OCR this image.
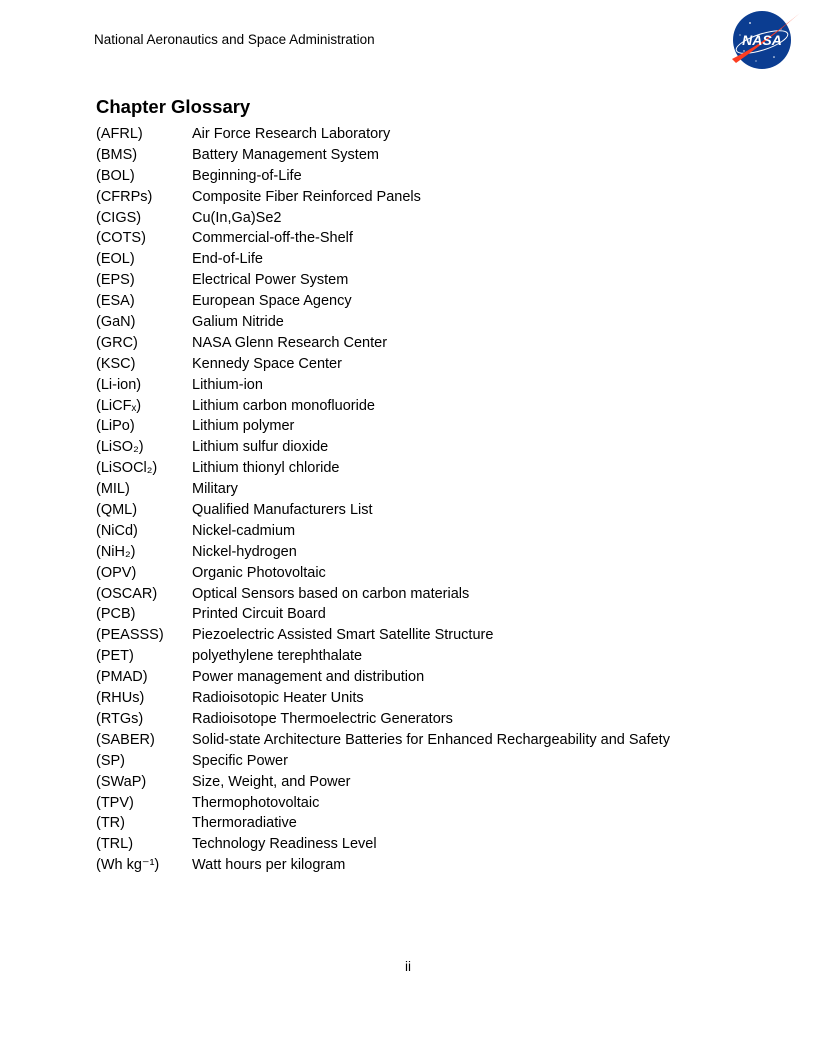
National Aeronautics and Space Administration	NASA
Chapter Glossary
(AFRL)	Air Force Research Laboratory
(BMS)	Battery Management System
(BOL)	Beginning-of-Life
(CFRPs)	Composite Fiber Reinforced Panels
(CIGS)	Cu(In,Ga)Se2
(COTS)	Commercial-off-the-Shelf
(EOL)	End-of-Life
(EPS)	Electrical Power System
(ESA)	European Space Agency
(GaN)	Galium Nitride
(GRC)	NASA Glenn Research Center
(KSC)	Kennedy Space Center
(Li-ion)	Lithium-ion
(LiCFₓ)	Lithium carbon monofluoride
(LiPo)	Lithium polymer
(LiSO₂)	Lithium sulfur dioxide
(LiSOCl₂) Lithium thionyl chloride
(MIL)	Military
(QML)	Qualified Manufacturers List
(NiCd)	Nickel-cadmium
(NiH₂)	Nickel-hydrogen
(OPV)	Organic Photovoltaic
(OSCAR) Optical Sensors based on carbon materials
(PCB)	Printed Circuit Board
(PEASSS) Piezoelectric Assisted Smart Satellite Structure
(PET)	polyethylene terephthalate
(PMAD)	Power management and distribution
(RHUs)	Radioisotopic Heater Units
(RTGs)	Radioisotope Thermoelectric Generators
(SABER)	Solid-state Architecture Batteries for Enhanced Rechargeability and Safety
(SP)	Specific Power
(SWaP)	Size, Weight, and Power
(TPV)	Thermophotovoltaic
(TR)	Thermoradiative
(TRL)	Technology Readiness Level
(Wh kg⁻¹) Watt hours per kilogram
ii
